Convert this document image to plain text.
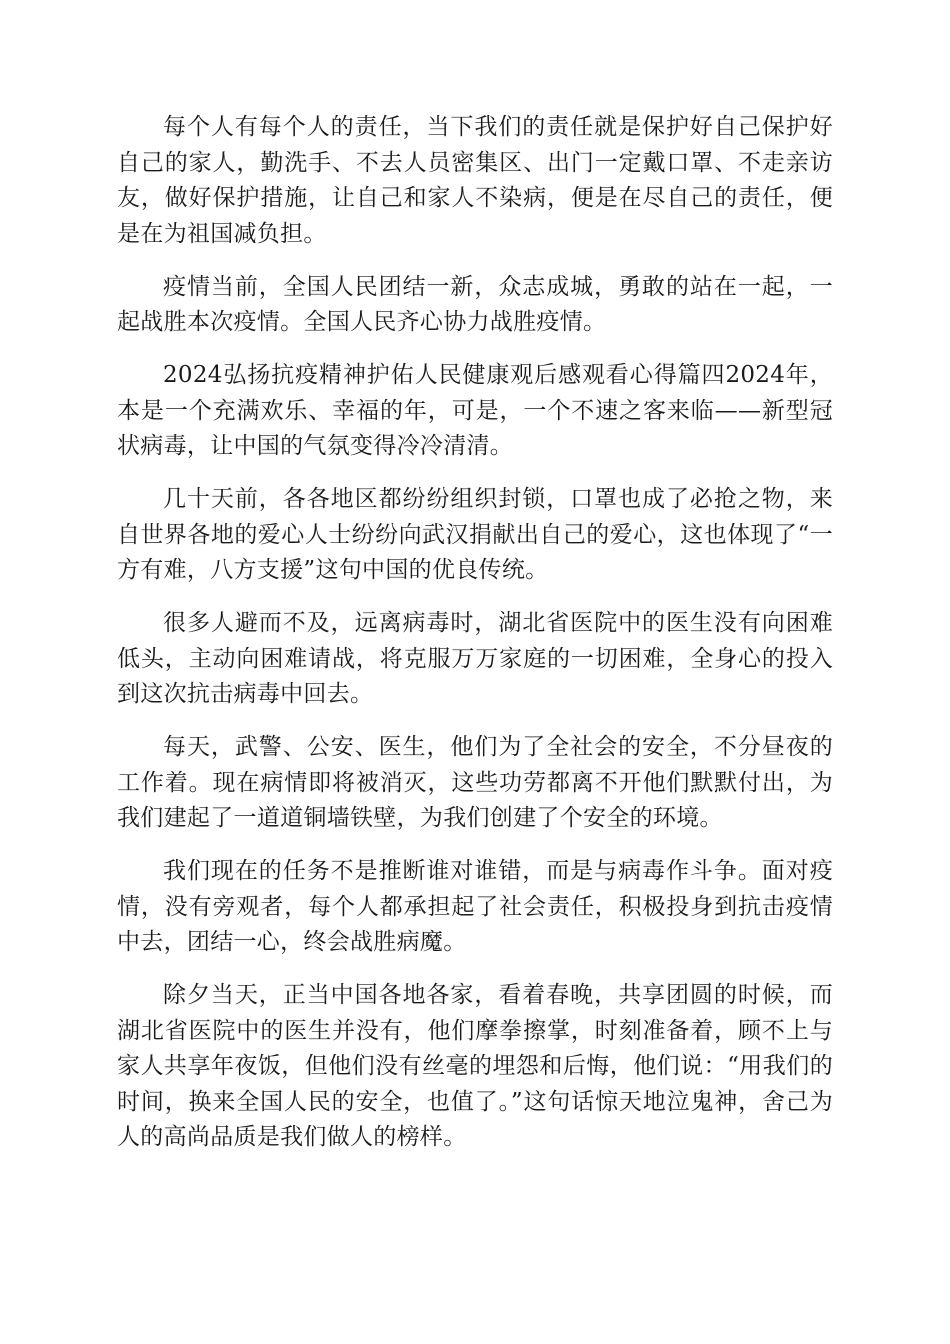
每个人有每个人的责任，当下我们的责任就是保护好自己保护好自己的家人，勤洗手、不去人员密集区、出门一定戴口罩、不走亲访友，做好保护措施，让自己和家人不染病，便是在尽自己的责任，便是在为祖国减负担。

疫情当前，全国人民团结一新，众志成城，勇敢的站在一起，一起战胜本次疫情。全国人民齐心协力战胜疫情。

2024弘扬抗疫精神护佑人民健康观后感观看心得篇四2024年，本是一个充满欢乐、幸福的年，可是，一个不速之客来临——新型冠状病毒，让中国的气氛变得冷冷清清。

几十天前，各各地区都纷纷组织封锁，口罩也成了必抢之物，来自世界各地的爱心人士纷纷向武汉捐献出自己的爱心，这也体现了“一方有难，八方支援”这句中国的优良传统。

很多人避而不及，远离病毒时，湖北省医院中的医生没有向困难低头，主动向困难请战，将克服万万家庭的一切困难，全身心的投入到这次抗击病毒中回去。

每天，武警、公安、医生，他们为了全社会的安全，不分昼夜的工作着。现在病情即将被消灭，这些功劳都离不开他们默默付出，为我们建起了一道道铜墙铁壁，为我们创建了个安全的环境。

我们现在的任务不是推断谁对谁错，而是与病毒作斗争。面对疫情，没有旁观者，每个人都承担起了社会责任，积极投身到抗击疫情中去，团结一心，终会战胜病魔。

除夕当天，正当中国各地各家，看着春晚，共享团圆的时候，而湖北省医院中的医生并没有，他们摩拳擦掌，时刻准备着，顾不上与家人共享年夜饭，但他们没有丝毫的埋怨和后悔，他们说：“用我们的时间，换来全国人民的安全，也值了。”这句话惊天地泣鬼神，舍己为人的高尚品质是我们做人的榜样。
